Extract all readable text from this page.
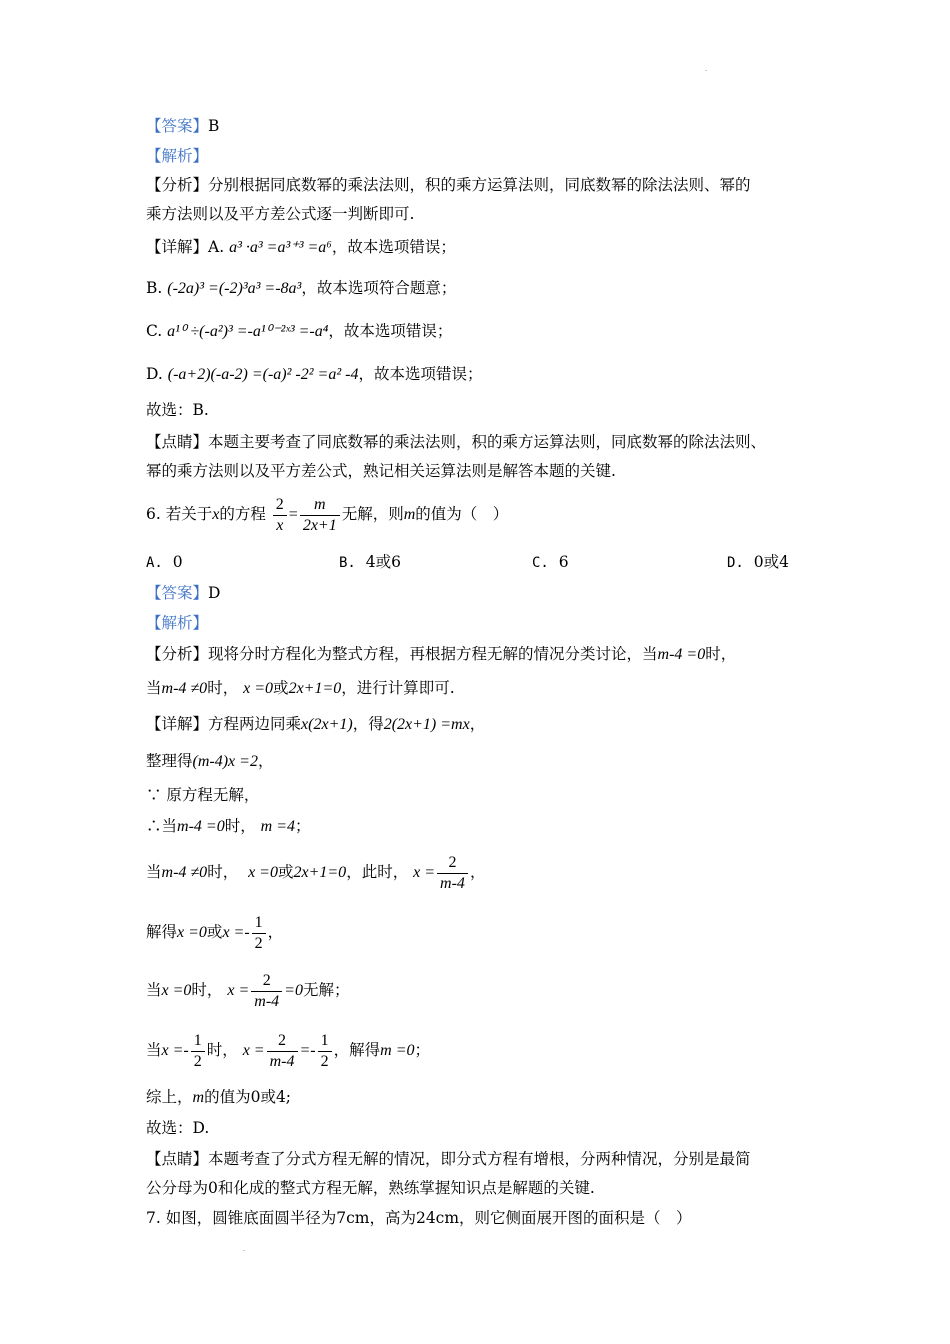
【答案】B
【解析】
【分析】分别根据同底数幂的乘法法则，积的乘方运算法则，同底数幂的除法法则、幂的
乘方法则以及平方差公式逐一判断即可.
【详解】A. a³ ·a³ =a³⁺³ =a⁶，故本选项错误；
B. (-2a)³ =(-2)³a³ =-8a³，故本选项符合题意；
C. a¹⁰ ÷(-a²)³ =-a¹⁰⁻²ˣ³ =-a⁴，故本选项错误；
D. (-a+2)(-a-2) =(-a)² -2² =a² -4，故本选项错误；
故选：B.
【点睛】本题主要考查了同底数幂的乘法法则，积的乘方运算法则，同底数幂的除法法则、
幂的乘方法则以及平方差公式，熟记相关运算法则是解答本题的关键.
6. 若关于x的方程 $\frac{2}{x} = \frac{m}{2x+1}$ 无解，则m的值为（　）
A. 0	B. 4或6	C. 6	D. 0或4
【答案】D
【解析】
【分析】现将分时方程化为整式方程，再根据方程无解的情况分类讨论，当m-4 =0时，
当m-4 ≠0时， x =0或2x+1=0，进行计算即可.
【详解】方程两边同乘x(2x+1)，得2(2x+1) =mx，
整理得(m-4)x =2，
∵ 原方程无解，
∴当m-4 =0时， m =4；
当m-4 ≠0时， x =0或2x+1=0，此时， $x = \frac{2}{m-4}$ ，
解得x =0或$x =- \frac{1}{2}$ ，
当x =0时， $x = \frac{2}{m-4} =0$无解；
当$x =- \frac{1}{2}$ 时， $x = \frac{2}{m-4} =- \frac{1}{2}$ ，解得m =0；
综上，m的值为0或4;
故选：D.
【点睛】本题考查了分式方程无解的情况，即分式方程有增根，分两种情况，分别是最简
公分母为0和化成的整式方程无解，熟练掌握知识点是解题的关键.
7. 如图，圆锥底面圆半径为7cm，高为24cm，则它侧面展开图的面积是（　）
